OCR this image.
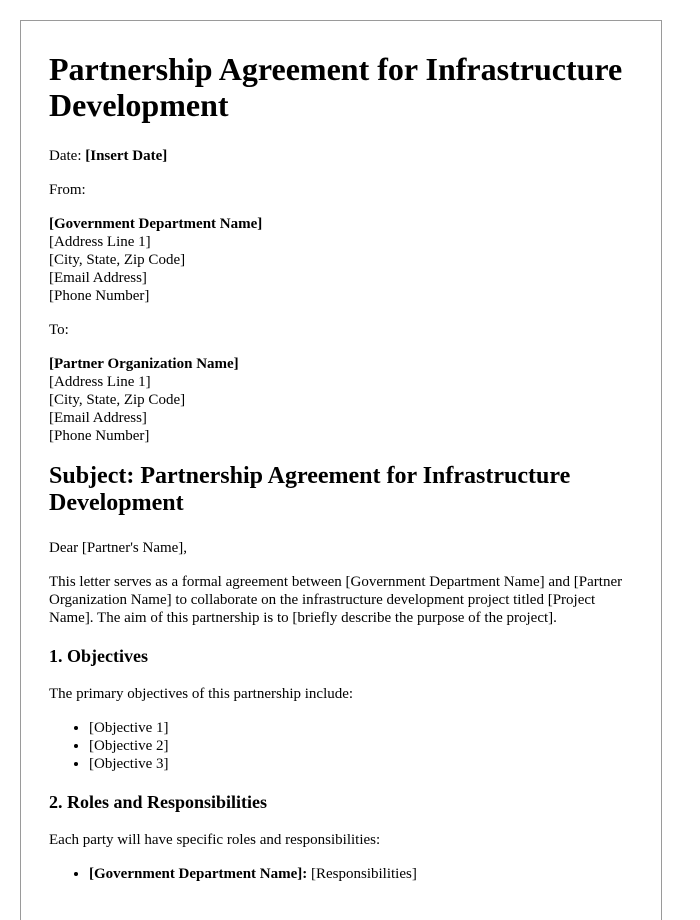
Partnership Agreement for Infrastructure Development

Date: [Insert Date]

From:

[Government Department Name]
[Address Line 1]
[City, State, Zip Code]
[Email Address]
[Phone Number]

To:

[Partner Organization Name]
[Address Line 1]
[City, State, Zip Code]
[Email Address]
[Phone Number]
Subject: Partnership Agreement for Infrastructure Development

Dear [Partner's Name],

This letter serves as a formal agreement between [Government Department Name] and [Partner Organization Name] to collaborate on the infrastructure development project titled [Project Name]. The aim of this partnership is to [briefly describe the purpose of the project].

1. Objectives

The primary objectives of this partnership include:

• [Objective 1]
• [Objective 2]
• [Objective 3]
2. Roles and Responsibilities

Each party will have specific roles and responsibilities:

• [Government Department Name]: [Responsibilities]
